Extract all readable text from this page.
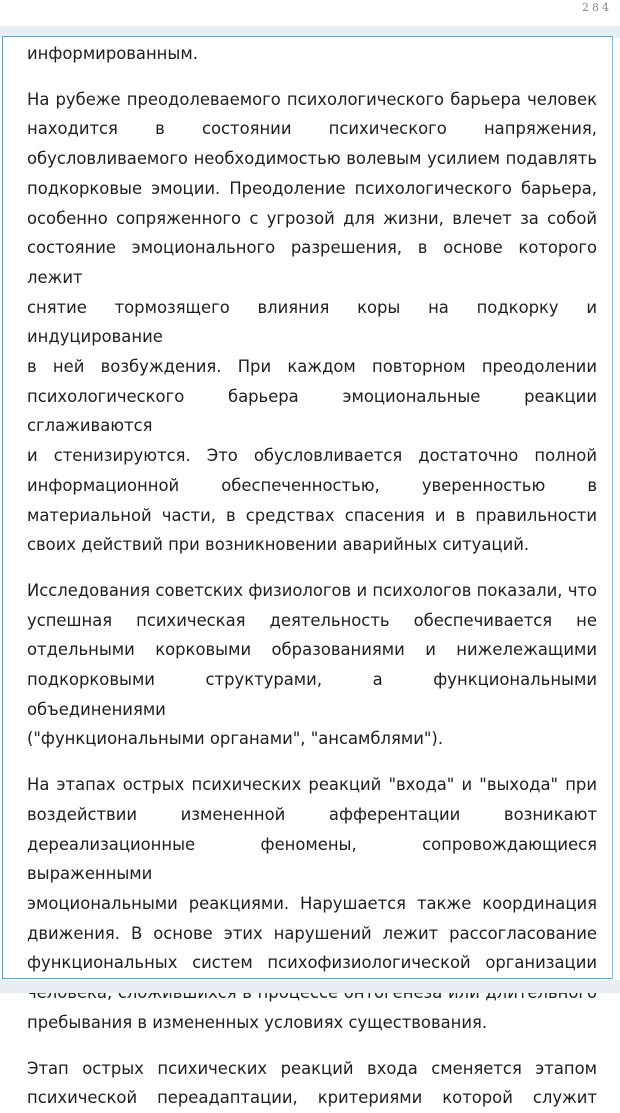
284
информированным.
На рубеже преодолеваемого психологического барьера человек
находится в состоянии психического напряжения,
обусловливаемого необходимостью волевым усилием подавлять
подкорковые эмоции. Преодоление психологического барьера,
особенно сопряженного с угрозой для жизни, влечет за собой
состояние эмоционального разрешения, в основе которого лежит
снятие тормозящего влияния коры на подкорку и индуцирование
в ней возбуждения. При каждом повторном преодолении
психологического барьера эмоциональные реакции сглаживаются
и стенизируются. Это обусловливается достаточно полной
информационной обеспеченностью, уверенностью в
материальной части, в средствах спасения и в правильности
своих действий при возникновении аварийных ситуаций.
Исследования советских физиологов и психологов показали, что
успешная психическая деятельность обеспечивается не
отдельными корковыми образованиями и нижележащими
подкорковыми структурами, а функциональными объединениями
("функциональными органами", "ансамблями").
На этапах острых психических реакций "входа" и "выхода" при
воздействии измененной афферентации возникают
дереализационные феномены, сопровождающиеся выраженными
эмоциональными реакциями. Нарушается также координация
движения. В основе этих нарушений лежит рассогласование
функциональных систем психофизиологической организации
пребывания в измененных условиях существования.
Этап острых психических реакций входа сменяется этапом
психической переадаптации, критериями которой служит
